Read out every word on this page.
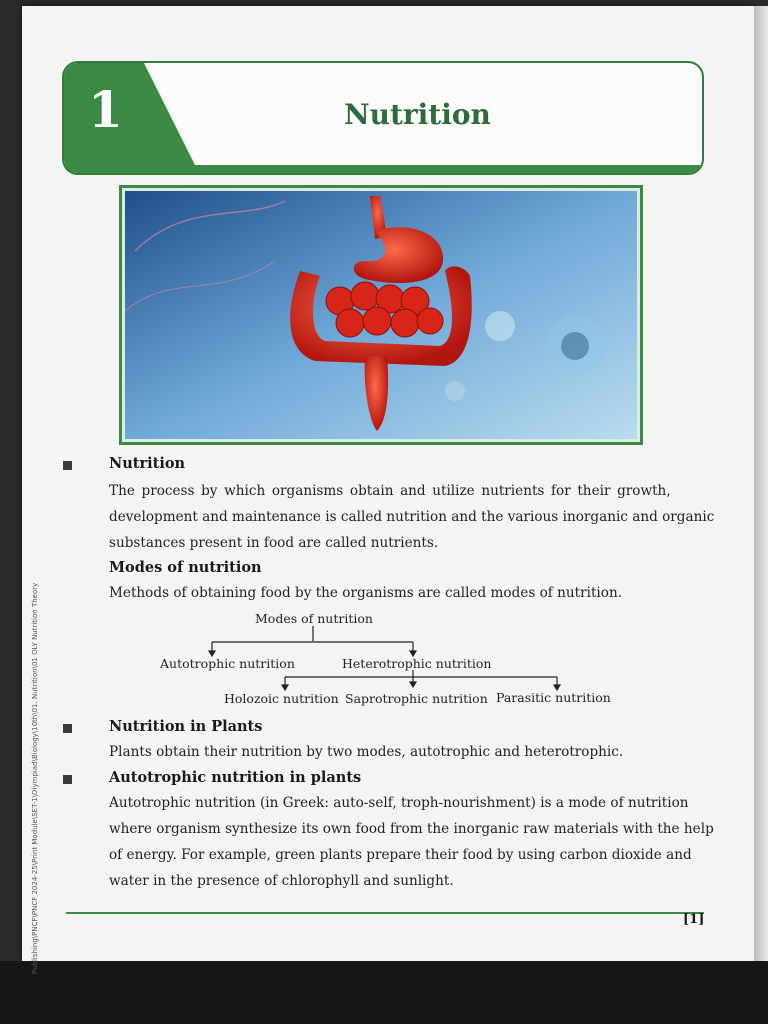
Publishing\PNCF\PNCF 2024-25\Print Module\SET-1\Olympiad\Biology\10th\01. Nutrition\01 OLY Nutrition Theory
1	Nutrition
Nutrition
The process by which organisms obtain and utilize nutrients for their growth,
development and maintenance is called nutrition and the various inorganic and organic
substances present in food are called nutrients.
Modes of nutrition
Methods of obtaining food by the organisms are called modes of nutrition.
Modes of nutrition
Autotrophic nutrition	Heterotrophic nutrition
Holozoic nutrition Saprotrophic nutrition Parasitic nutrition
Nutrition in Plants
Plants obtain their nutrition by two modes, autotrophic and heterotrophic.
Autotrophic nutrition in plants
Autotrophic nutrition (in Greek: auto-self, troph-nourishment) is a mode of nutrition
where organism synthesize its own food from the inorganic raw materials with the help
of energy. For example, green plants prepare their food by using carbon dioxide and
water in the presence of chlorophyll and sunlight.
[1]
